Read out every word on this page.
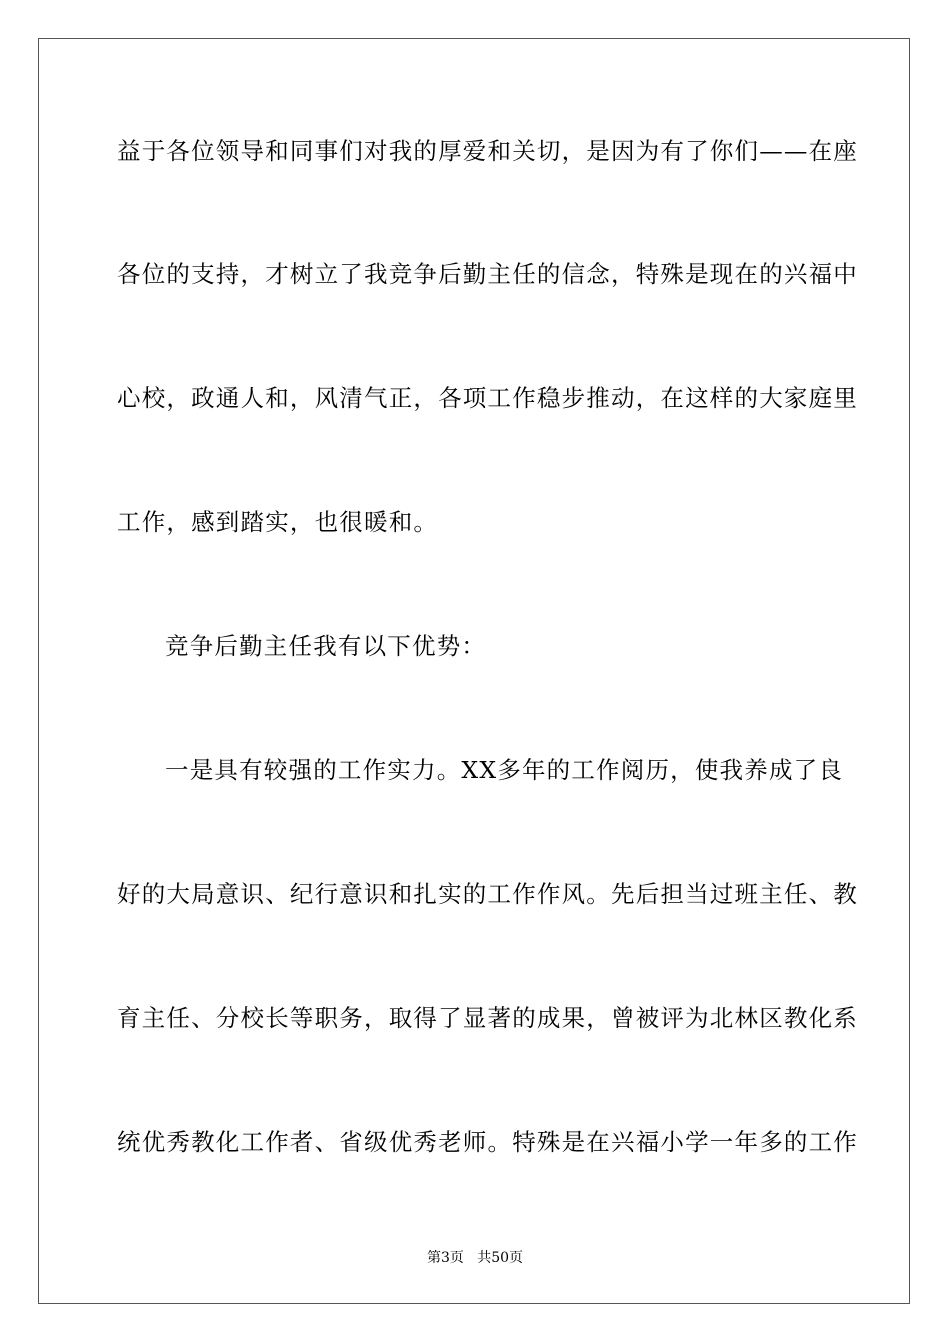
益于各位领导和同事们对我的厚爱和关切，是因为有了你们——在座
各位的支持，才树立了我竞争后勤主任的信念，特殊是现在的兴福中
心校，政通人和，风清气正，各项工作稳步推动，在这样的大家庭里
工作，感到踏实，也很暖和。
竞争后勤主任我有以下优势：
一是具有较强的工作实力。XX多年的工作阅历，使我养成了良
好的大局意识、纪行意识和扎实的工作作风。先后担当过班主任、教
育主任、分校长等职务，取得了显著的成果，曾被评为北林区教化系
统优秀教化工作者、省级优秀老师。特殊是在兴福小学一年多的工作
第3页   共50页
